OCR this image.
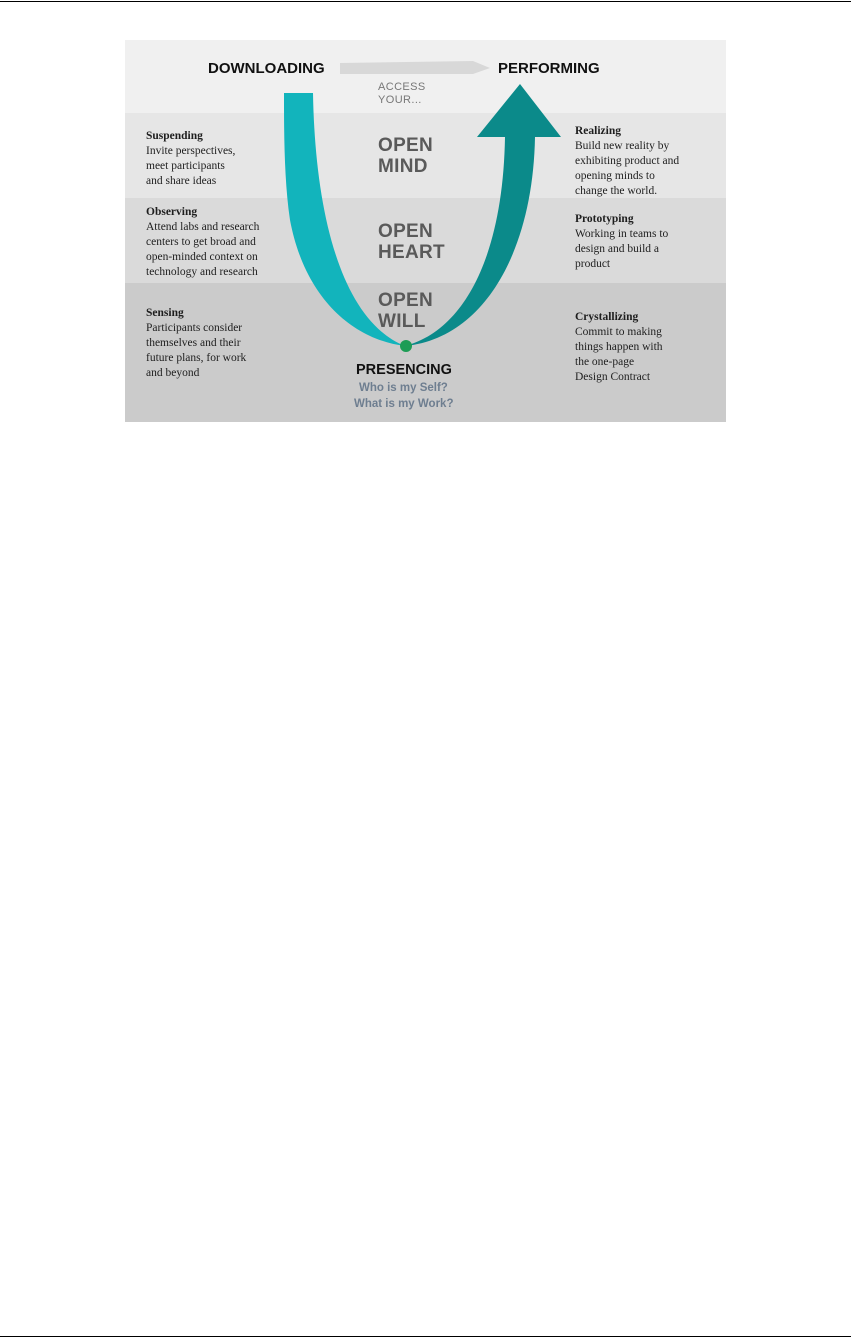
DOWNLOADING	PERFORMING
ACCESS
YOUR...
OPEN
MIND
OPEN
HEART
OPEN
WILL
PRESENCING
Who is my Self?
What is my Work?
Suspending
Invite perspectives,
meet participants
and share ideas
Observing
Attend labs and research
centers to get broad and
open-minded context on
technology and research
Sensing
Participants consider
themselves and their
future plans, for work
and beyond
Realizing
Build new reality by
exhibiting product and
opening minds to
change the world.
Prototyping
Working in teams to
design and build a
product
Crystallizing
Commit to making
things happen with
the one-page
Design Contract
